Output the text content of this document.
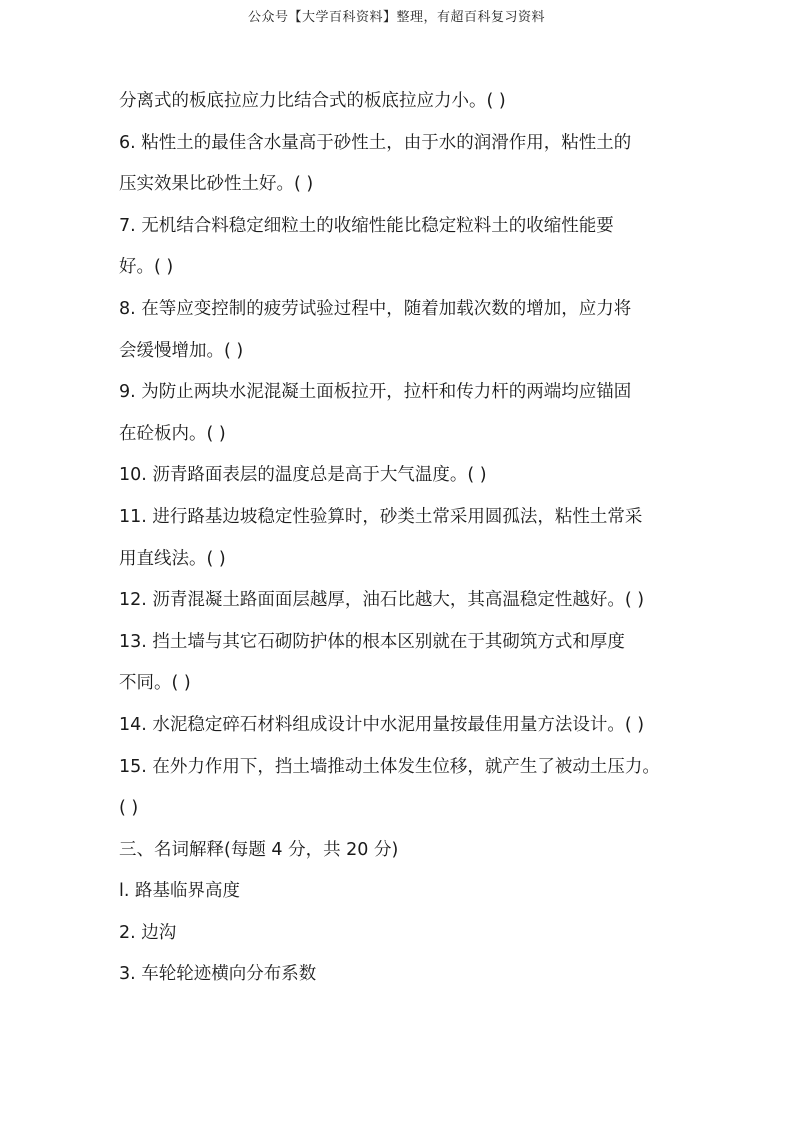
公众号【大学百科资料】整理，有超百科复习资料
分离式的板底拉应力比结合式的板底拉应力小。( )
6. 粘性土的最佳含水量高于砂性土，由于水的润滑作用，粘性土的
压实效果比砂性土好。( )
7. 无机结合料稳定细粒土的收缩性能比稳定粒料土的收缩性能要
好。( )
8. 在等应变控制的疲劳试验过程中，随着加载次数的增加，应力将
会缓慢增加。( )
9. 为防止两块水泥混凝土面板拉开，拉杆和传力杆的两端均应锚固
在砼板内。( )
10. 沥青路面表层的温度总是高于大气温度。( )
11. 进行路基边坡稳定性验算时，砂类土常采用圆孤法，粘性土常采
用直线法。( )
12. 沥青混凝土路面面层越厚，油石比越大，其高温稳定性越好。( )
13. 挡土墙与其它石砌防护体的根本区别就在于其砌筑方式和厚度
不同。( )
14. 水泥稳定碎石材料组成设计中水泥用量按最佳用量方法设计。( )
15. 在外力作用下，挡土墙推动土体发生位移，就产生了被动土压力。
( )
三、名词解释(每题 4 分，共 20 分)
l. 路基临界高度
2. 边沟
3. 车轮轮迹横向分布系数
